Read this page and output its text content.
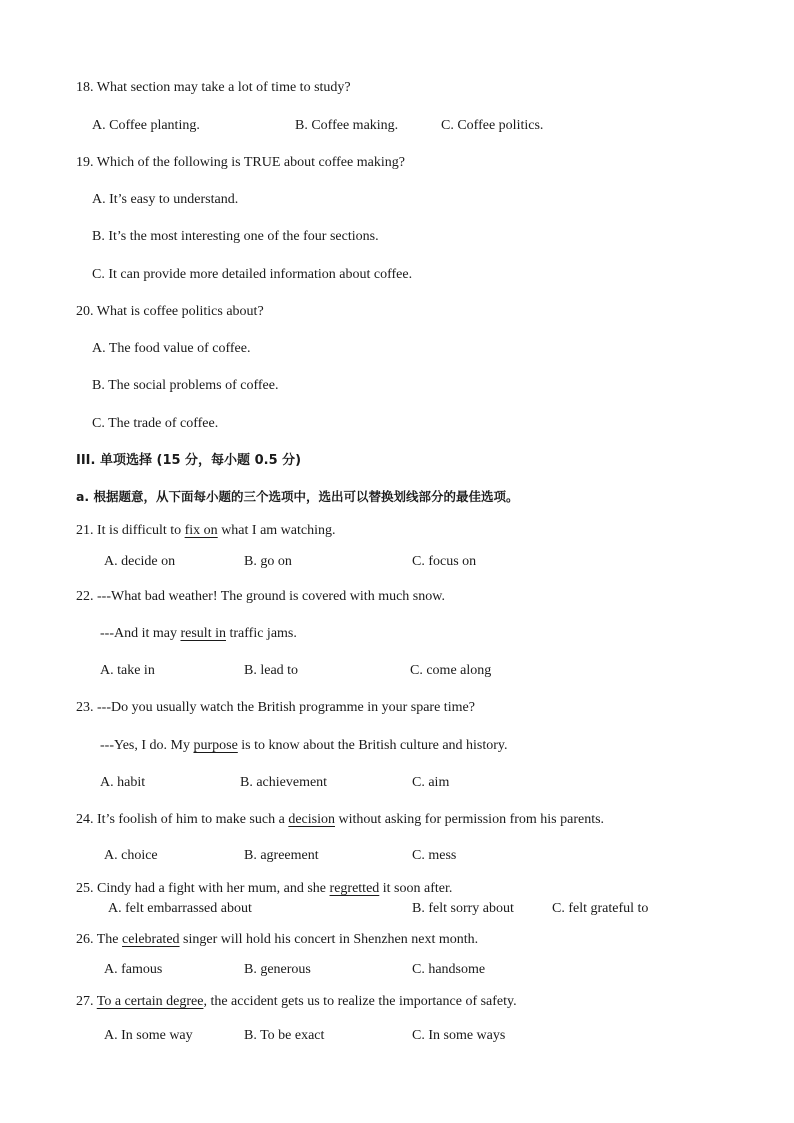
18. What section may take a lot of time to study?
A. Coffee planting.	B. Coffee making.	C. Coffee politics.
19. Which of the following is TRUE about coffee making?
A. It’s easy to understand.
B. It’s the most interesting one of the four sections.
C. It can provide more detailed information about coffee.
20. What is coffee politics about?
A. The food value of coffee.
B. The social problems of coffee.
C. The trade of coffee.
III. 单项选择 (15 分，每小题 0.5 分)
a. 根据题意，从下面每小题的三个选项中，选出可以替换划线部分的最佳选项。
21. It is difficult to fix on what I am watching.
A. decide on	B. go on	C. focus on
22. ---What bad weather! The ground is covered with much snow.
---And it may result in traffic jams.
A. take in	B. lead to	C. come along
23. ---Do you usually watch the British programme in your spare time?
---Yes, I do. My purpose is to know about the British culture and history.
A. habit	B. achievement	C. aim
24. It’s foolish of him to make such a decision without asking for permission from his parents.
A. choice	B. agreement	C. mess
25. Cindy had a fight with her mum, and she regretted it soon after.
A. felt embarrassed about	B. felt sorry about	C. felt grateful to
26. The celebrated singer will hold his concert in Shenzhen next month.
A. famous	B. generous	C. handsome
27. To a certain degree, the accident gets us to realize the importance of safety.
A. In some way	B. To be exact	C. In some ways
